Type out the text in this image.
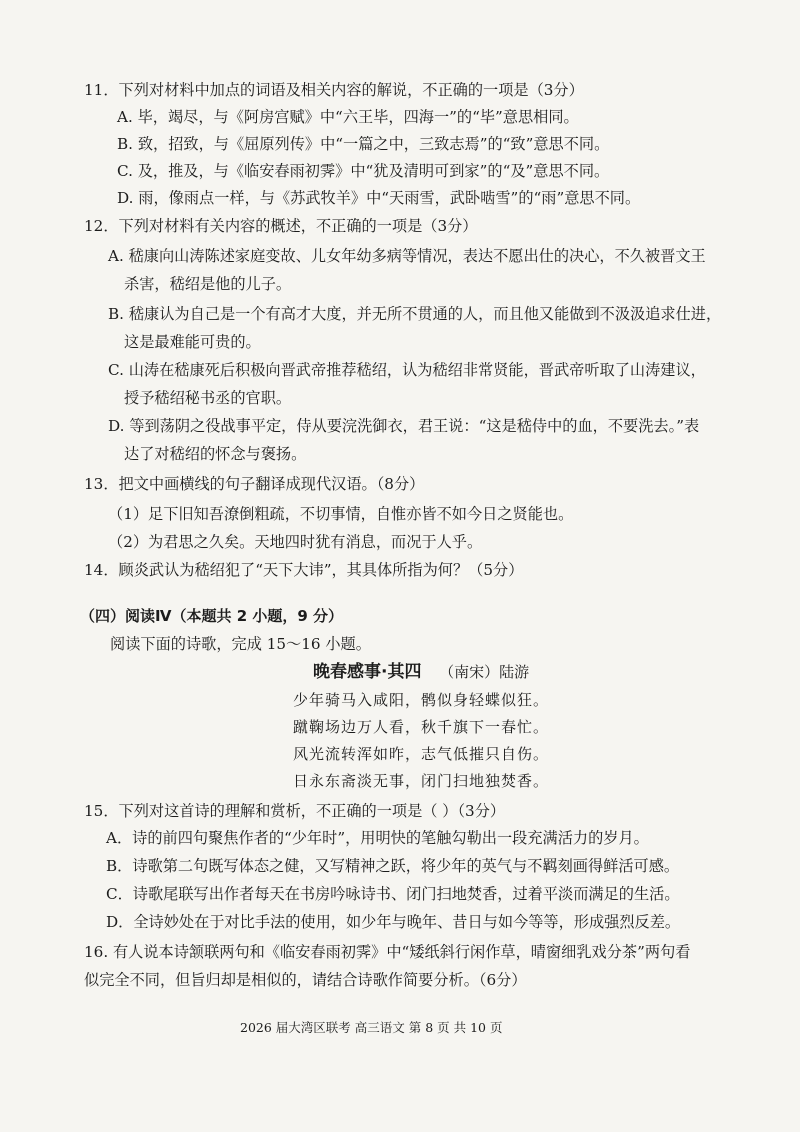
11．下列对材料中加点的词语及相关内容的解说，不正确的一项是（3分）
A. 毕，竭尽，与《阿房宫赋》中“六王毕，四海一”的“毕”意思相同。
B. 致，招致，与《屈原列传》中“一篇之中，三致志焉”的“致”意思不同。
C. 及，推及，与《临安春雨初霁》中“犹及清明可到家”的“及”意思不同。
D. 雨，像雨点一样，与《苏武牧羊》中“天雨雪，武卧啮雪”的“雨”意思不同。
12．下列对材料有关内容的概述，不正确的一项是（3分）
A. 嵇康向山涛陈述家庭变故、儿女年幼多病等情况，表达不愿出仕的决心，不久被晋文王
杀害，嵇绍是他的儿子。
B. 嵇康认为自己是一个有高才大度，并无所不贯通的人，而且他又能做到不汲汲追求仕进，
这是最难能可贵的。
C. 山涛在嵇康死后积极向晋武帝推荐嵇绍，认为嵇绍非常贤能，晋武帝听取了山涛建议，
授予嵇绍秘书丞的官职。
D. 等到荡阴之役战事平定，侍从要浣洗御衣，君王说：“这是嵇侍中的血，不要洗去。”表
达了对嵇绍的怀念与褒扬。
13．把文中画横线的句子翻译成现代汉语。（8分）
（1）足下旧知吾潦倒粗疏，不切事情，自惟亦皆不如今日之贤能也。
（2）为君思之久矣。天地四时犹有消息，而况于人乎。
14．顾炎武认为嵇绍犯了“天下大讳”，其具体所指为何？（5分）
（四）阅读Ⅳ（本题共 2 小题，9 分）
阅读下面的诗歌，完成 15～16 小题。
晚春感事·其四 （南宋）陆游
少年骑马入咸阳，鹘似身轻蝶似狂。
蹴鞠场边万人看，秋千旗下一春忙。
风光流转浑如昨，志气低摧只自伤。
日永东斋淡无事，闭门扫地独焚香。
15．下列对这首诗的理解和赏析，不正确的一项是（ ）（3分）
A．诗的前四句聚焦作者的“少年时”，用明快的笔触勾勒出一段充满活力的岁月。
B．诗歌第二句既写体态之健，又写精神之跃，将少年的英气与不羁刻画得鲜活可感。
C．诗歌尾联写出作者每天在书房吟咏诗书、闭门扫地焚香，过着平淡而满足的生活。
D．全诗妙处在于对比手法的使用，如少年与晚年、昔日与如今等等，形成强烈反差。
16. 有人说本诗颔联两句和《临安春雨初霁》中“矮纸斜行闲作草，晴窗细乳戏分茶”两句看
似完全不同，但旨归却是相似的，请结合诗歌作简要分析。（6分）
2026 届大湾区联考 高三语文 第 8 页 共 10 页
